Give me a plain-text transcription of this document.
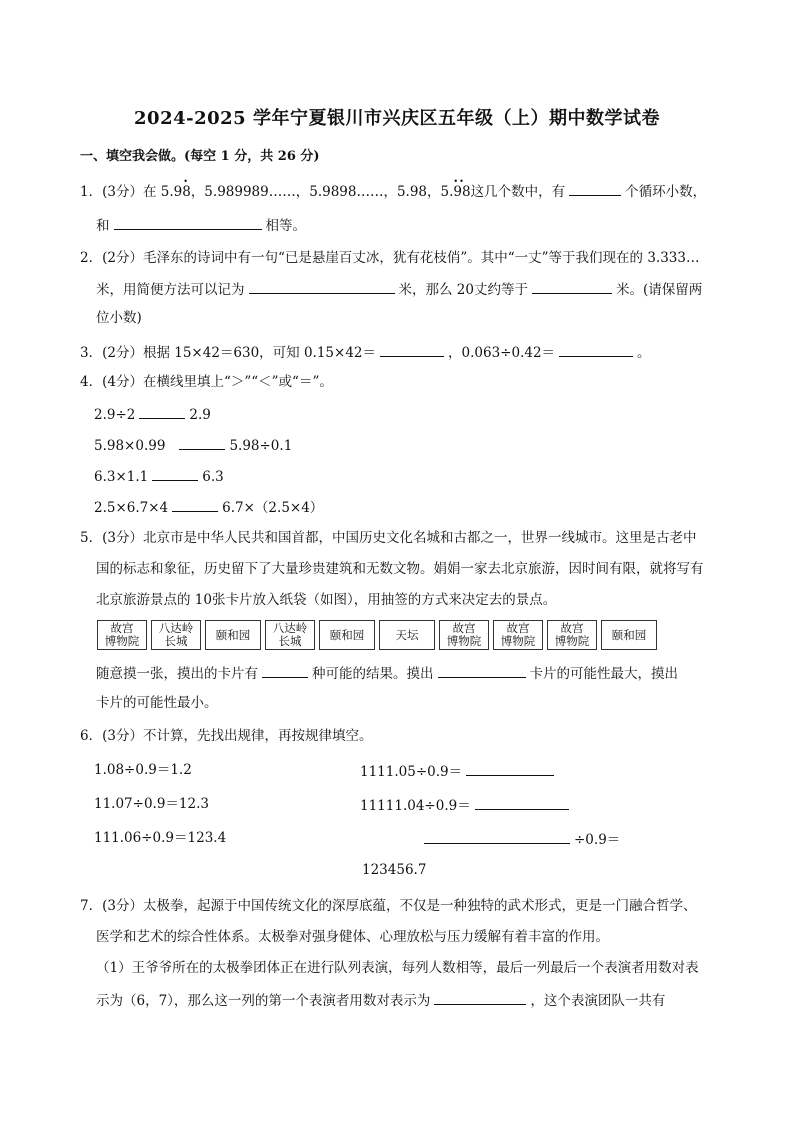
2024-2025 学年宁夏银川市兴庆区五年级（上）期中数学试卷
一、填空我会做。(每空 1 分，共 26 分)
1．(3分）在 5.9• 8，5.989989……，5.9898……，5.98，5.•• 98这几个数中，有	个循环小数，
和	相等。
2．(2分）毛泽东的诗词中有一句“已是悬崖百丈冰，犹有花枝俏”。其中“一丈”等于我们现在的 3.333…
米，用简便方法可以记为	米，那么 20丈约等于	米。(请保留两
位小数)
3．(2分）根据 15×42＝630，可知 0.15×42＝	，0.063÷0.42＝	。
4．(4分）在横线里填上“＞”“＜”或“＝”。
2.9÷2	2.9
5.98×0.99	5.98÷0.1
6.3×1.1	6.3
2.5×6.7×4	6.7×（2.5×4）
5．(3分）北京市是中华人民共和国首都，中国历史文化名城和古都之一，世界一线城市。这里是古老中
国的标志和象征，历史留下了大量珍贵建筑和无数文物。娟娟一家去北京旅游，因时间有限，就将写有
北京旅游景点的 10张卡片放入纸袋（如图），用抽签的方式来决定去的景点。
故宫
博物院
八达岭
长城	颐和园	八达岭
长城	颐和园	天坛	故宫
博物院
故宫
博物院
故宫
博物院	颐和园
随意摸一张，摸出的卡片有	种可能的结果。摸出	卡片的可能性最大，摸出
卡片的可能性最小。
6．(3分）不计算，先找出规律，再按规律填空。
1.08÷0.9＝1.2
11.07÷0.9＝12.3
111.06÷0.9＝123.4
1111.05÷0.9＝
11111.04÷0.9＝
÷0.9＝
123456.7
7．(3分）太极拳，起源于中国传统文化的深厚底蕴，不仅是一种独特的武术形式，更是一门融合哲学、
医学和艺术的综合性体系。太极拳对强身健体、心理放松与压力缓解有着丰富的作用。
（1）王爷爷所在的太极拳团体正在进行队列表演，每列人数相等，最后一列最后一个表演者用数对表
示为（6，7），那么这一列的第一个表演者用数对表示为	，这个表演团队一共有
